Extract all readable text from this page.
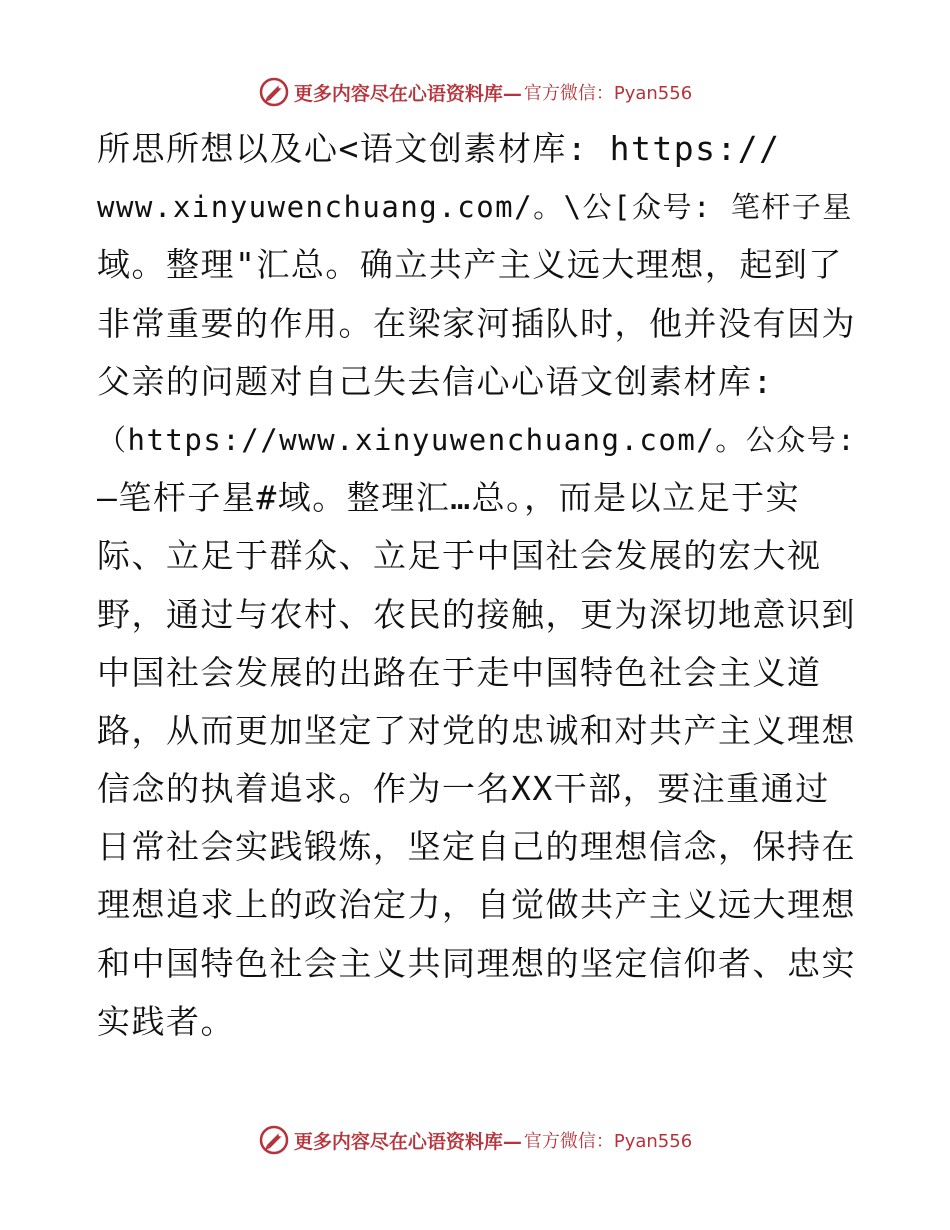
更多内容尽在心语资料库— 官方微信：Pyan556
所思所想以及心<语文创素材库: https://
www.xinyuwenchuang.com/。\公[众号: 笔杆子星
域。整理"汇总。确立共产主义远大理想，起到了
非常重要的作用。在梁家河插队时，他并没有因为
父亲的问题对自己失去信心心语文创素材库:
（https://www.xinyuwenchuang.com/。公众号:
—笔杆子星#域。整理汇…总。，而是以立足于实
际、立足于群众、立足于中国社会发展的宏大视
野，通过与农村、农民的接触，更为深切地意识到
中国社会发展的出路在于走中国特色社会主义道
路，从而更加坚定了对党的忠诚和对共产主义理想
信念的执着追求。作为一名XX干部，要注重通过
日常社会实践锻炼，坚定自己的理想信念，保持在
理想追求上的政治定力，自觉做共产主义远大理想
和中国特色社会主义共同理想的坚定信仰者、忠实
实践者。
更多内容尽在心语资料库— 官方微信：Pyan556
